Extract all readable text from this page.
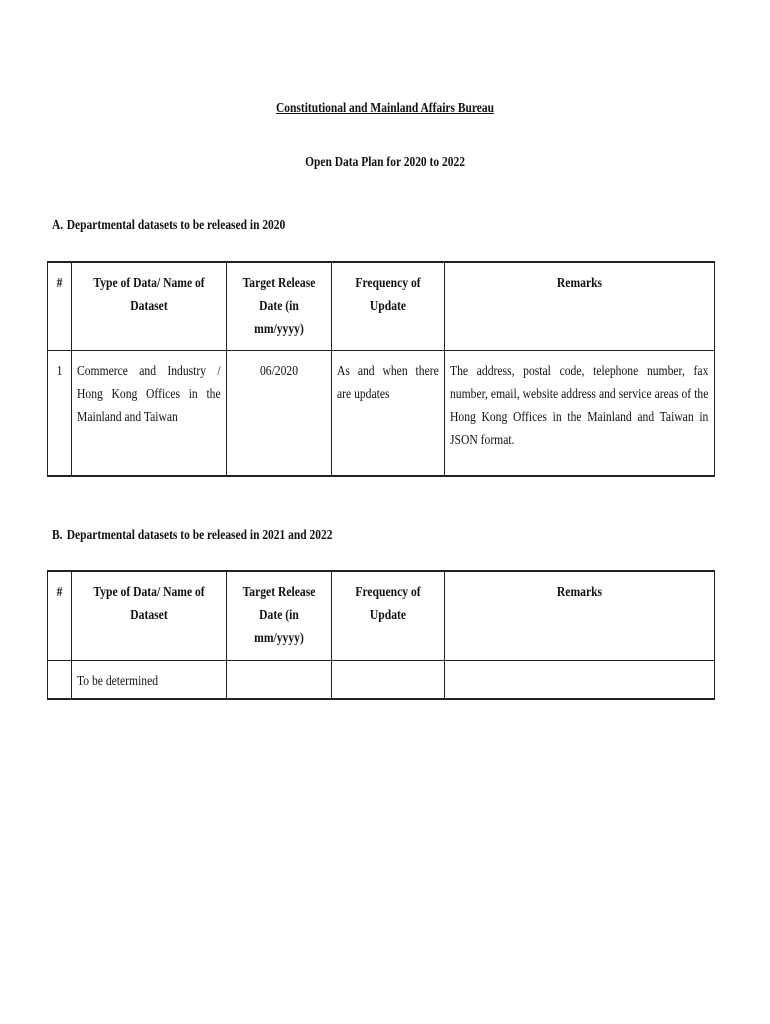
Constitutional and Mainland Affairs Bureau
Open Data Plan for 2020 to 2022
A. Departmental datasets to be released in 2020
#	Type of Data/ Name of Dataset	Target Release Date (in mm/yyyy)	Frequency of Update	Remarks

1	Commerce and Industry / Hong Kong Offices in the Mainland and Taiwan	06/2020	As and when there are updates	The address, postal code, telephone number, fax number, email, website address and service areas of the Hong Kong Offices in the Mainland and Taiwan in JSON format.
B. Departmental datasets to be released in 2021 and 2022
#	Type of Data/ Name of Dataset	Target Release Date (in mm/yyyy)	Frequency of Update	Remarks

	To be determined			
